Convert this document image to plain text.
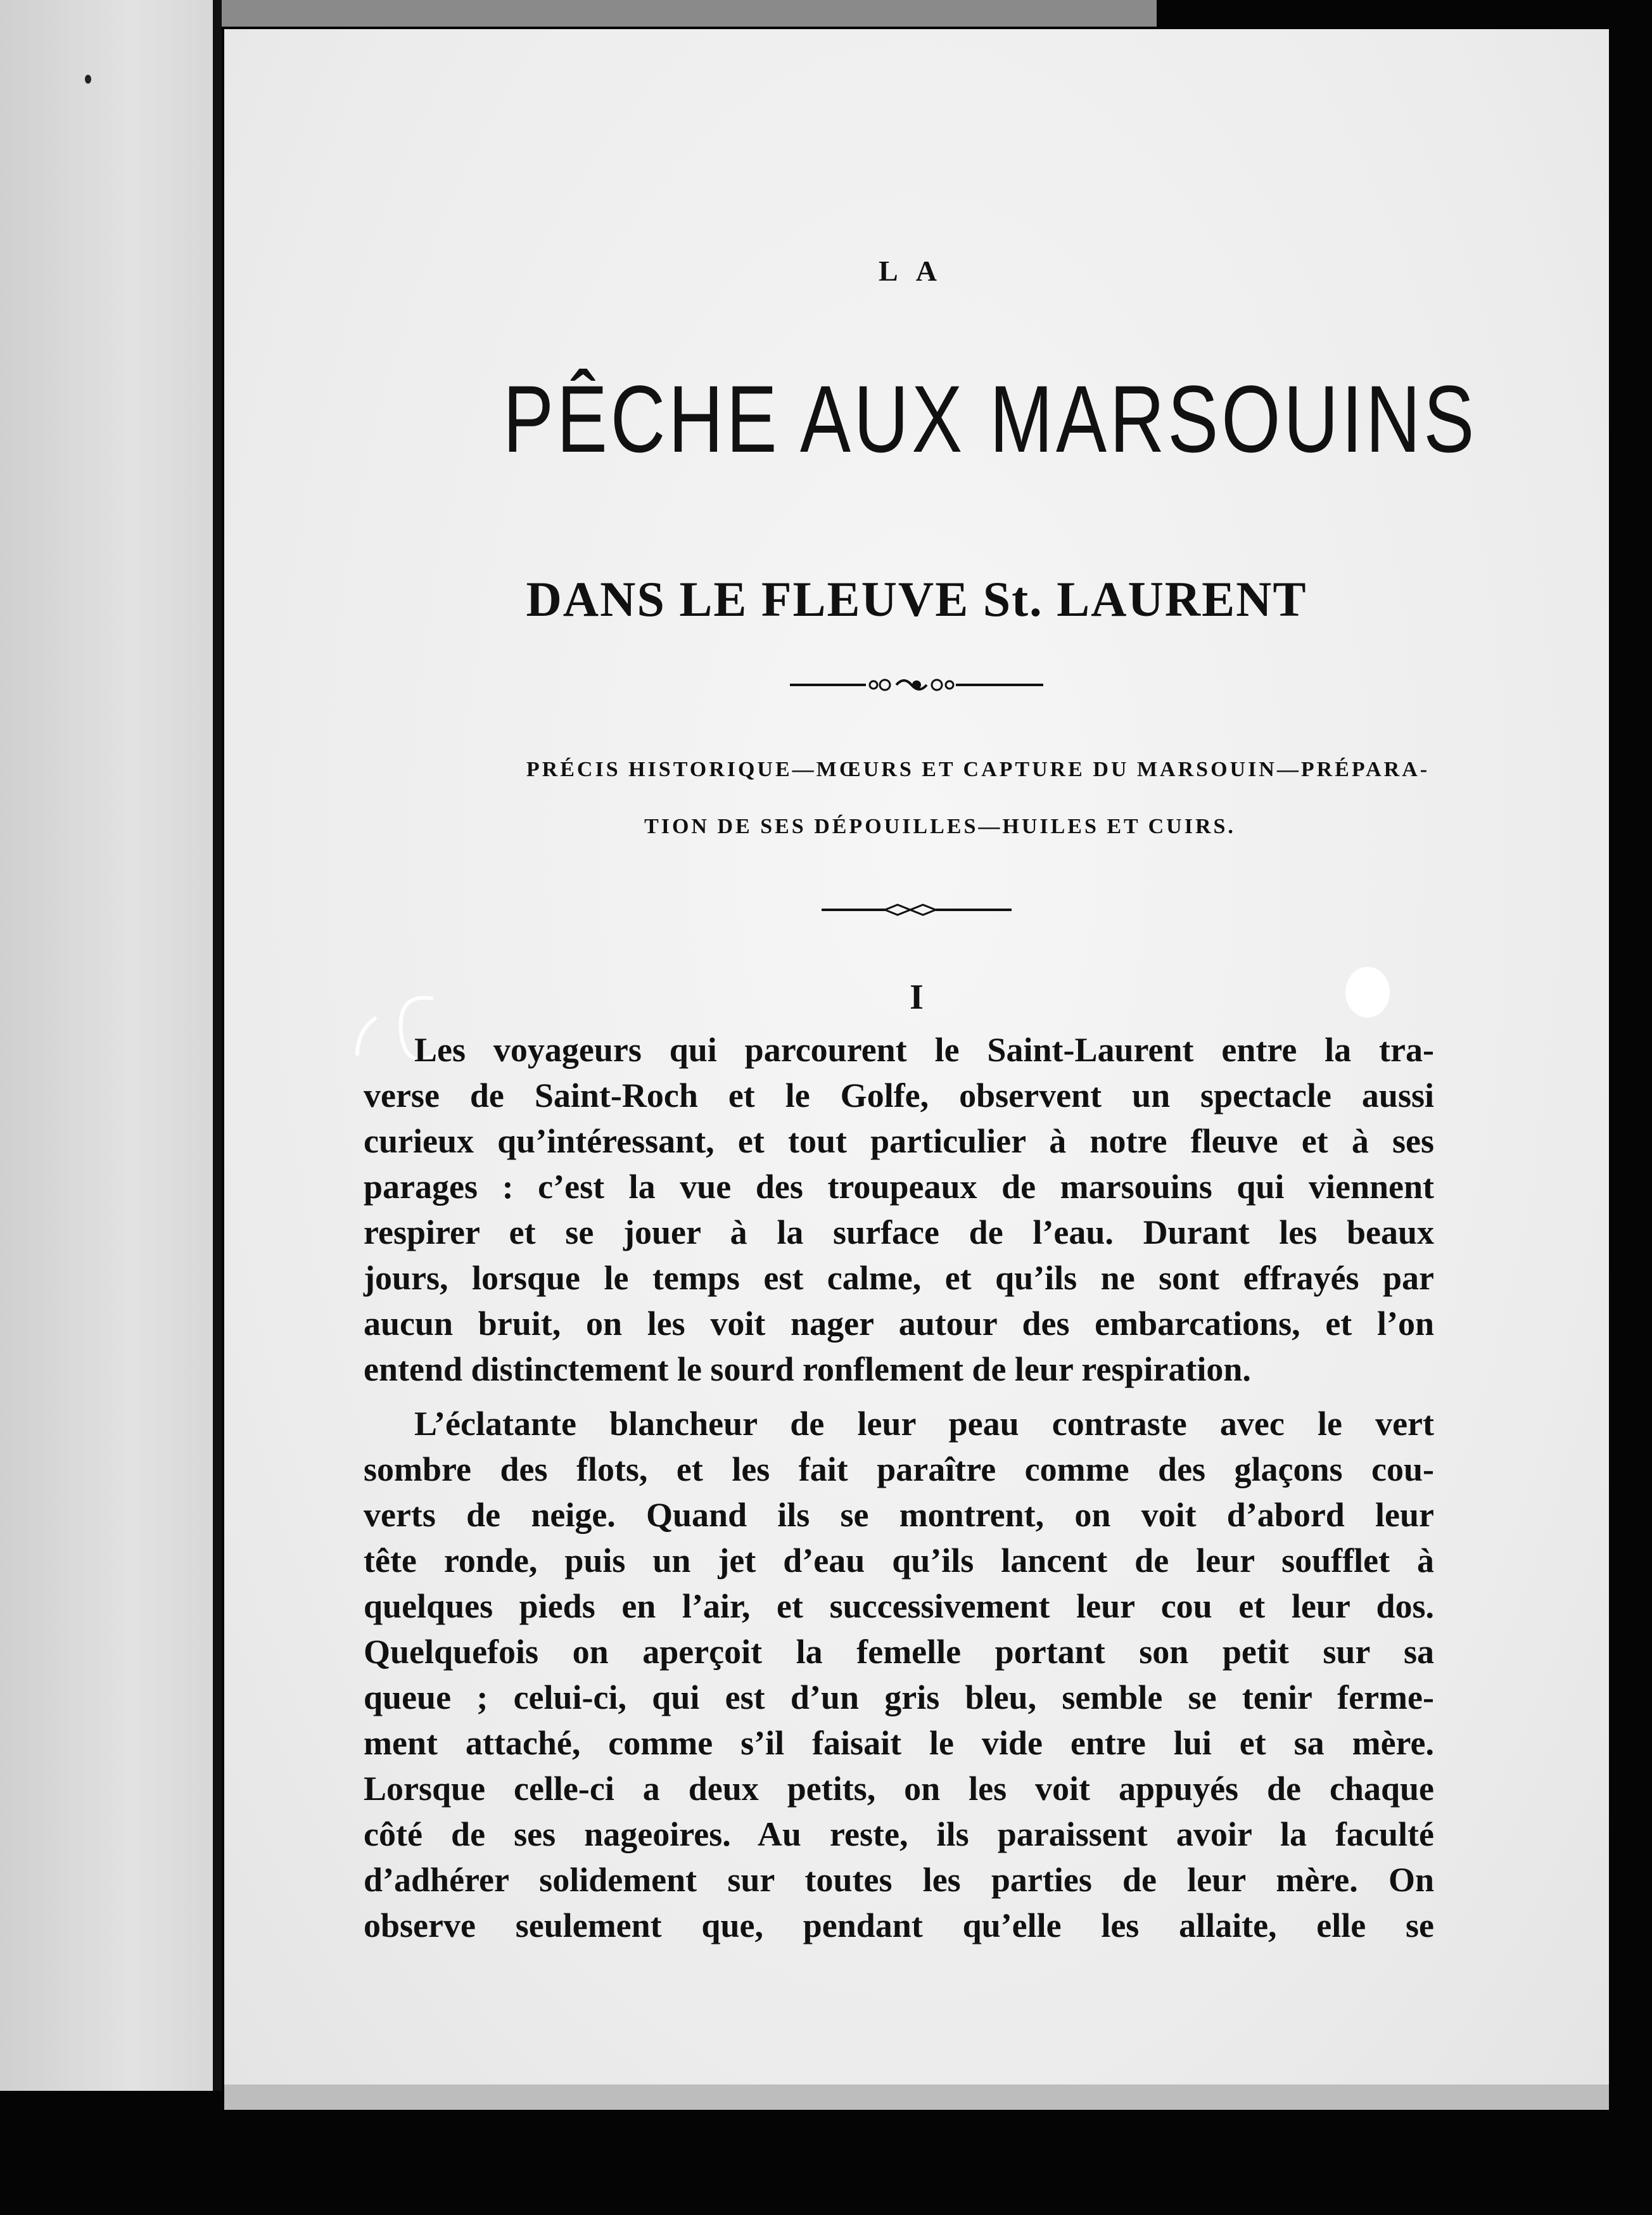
LA
PÊCHE AUX MARSOUINS
DANS LE FLEUVE St. LAURENT
PRÉCIS HISTORIQUE—MŒURS ET CAPTURE DU MARSOUIN—PRÉPARA-
TION DE SES DÉPOUILLES—HUILES ET CUIRS.
I
Les voyageurs qui parcourent le Saint-Laurent entre la tra-
verse de Saint-Roch et le Golfe, observent un spectacle aussi
curieux qu’intéressant, et tout particulier à notre fleuve et à ses
parages : c’est la vue des troupeaux de marsouins qui viennent
respirer et se jouer à la surface de l’eau. Durant les beaux
jours, lorsque le temps est calme, et qu’ils ne sont effrayés par
aucun bruit, on les voit nager autour des embarcations, et l’on
entend distinctement le sourd ronflement de leur respiration.
L’éclatante blancheur de leur peau contraste avec le vert
sombre des flots, et les fait paraître comme des glaçons cou-
verts de neige. Quand ils se montrent, on voit d’abord leur
tête ronde, puis un jet d’eau qu’ils lancent de leur soufflet à
quelques pieds en l’air, et successivement leur cou et leur dos.
Quelquefois on aperçoit la femelle portant son petit sur sa
queue ; celui-ci, qui est d’un gris bleu, semble se tenir ferme-
ment attaché, comme s’il faisait le vide entre lui et sa mère.
Lorsque celle-ci a deux petits, on les voit appuyés de chaque
côté de ses nageoires. Au reste, ils paraissent avoir la faculté
d’adhérer solidement sur toutes les parties de leur mère. On
observe seulement que, pendant qu’elle les allaite, elle se
